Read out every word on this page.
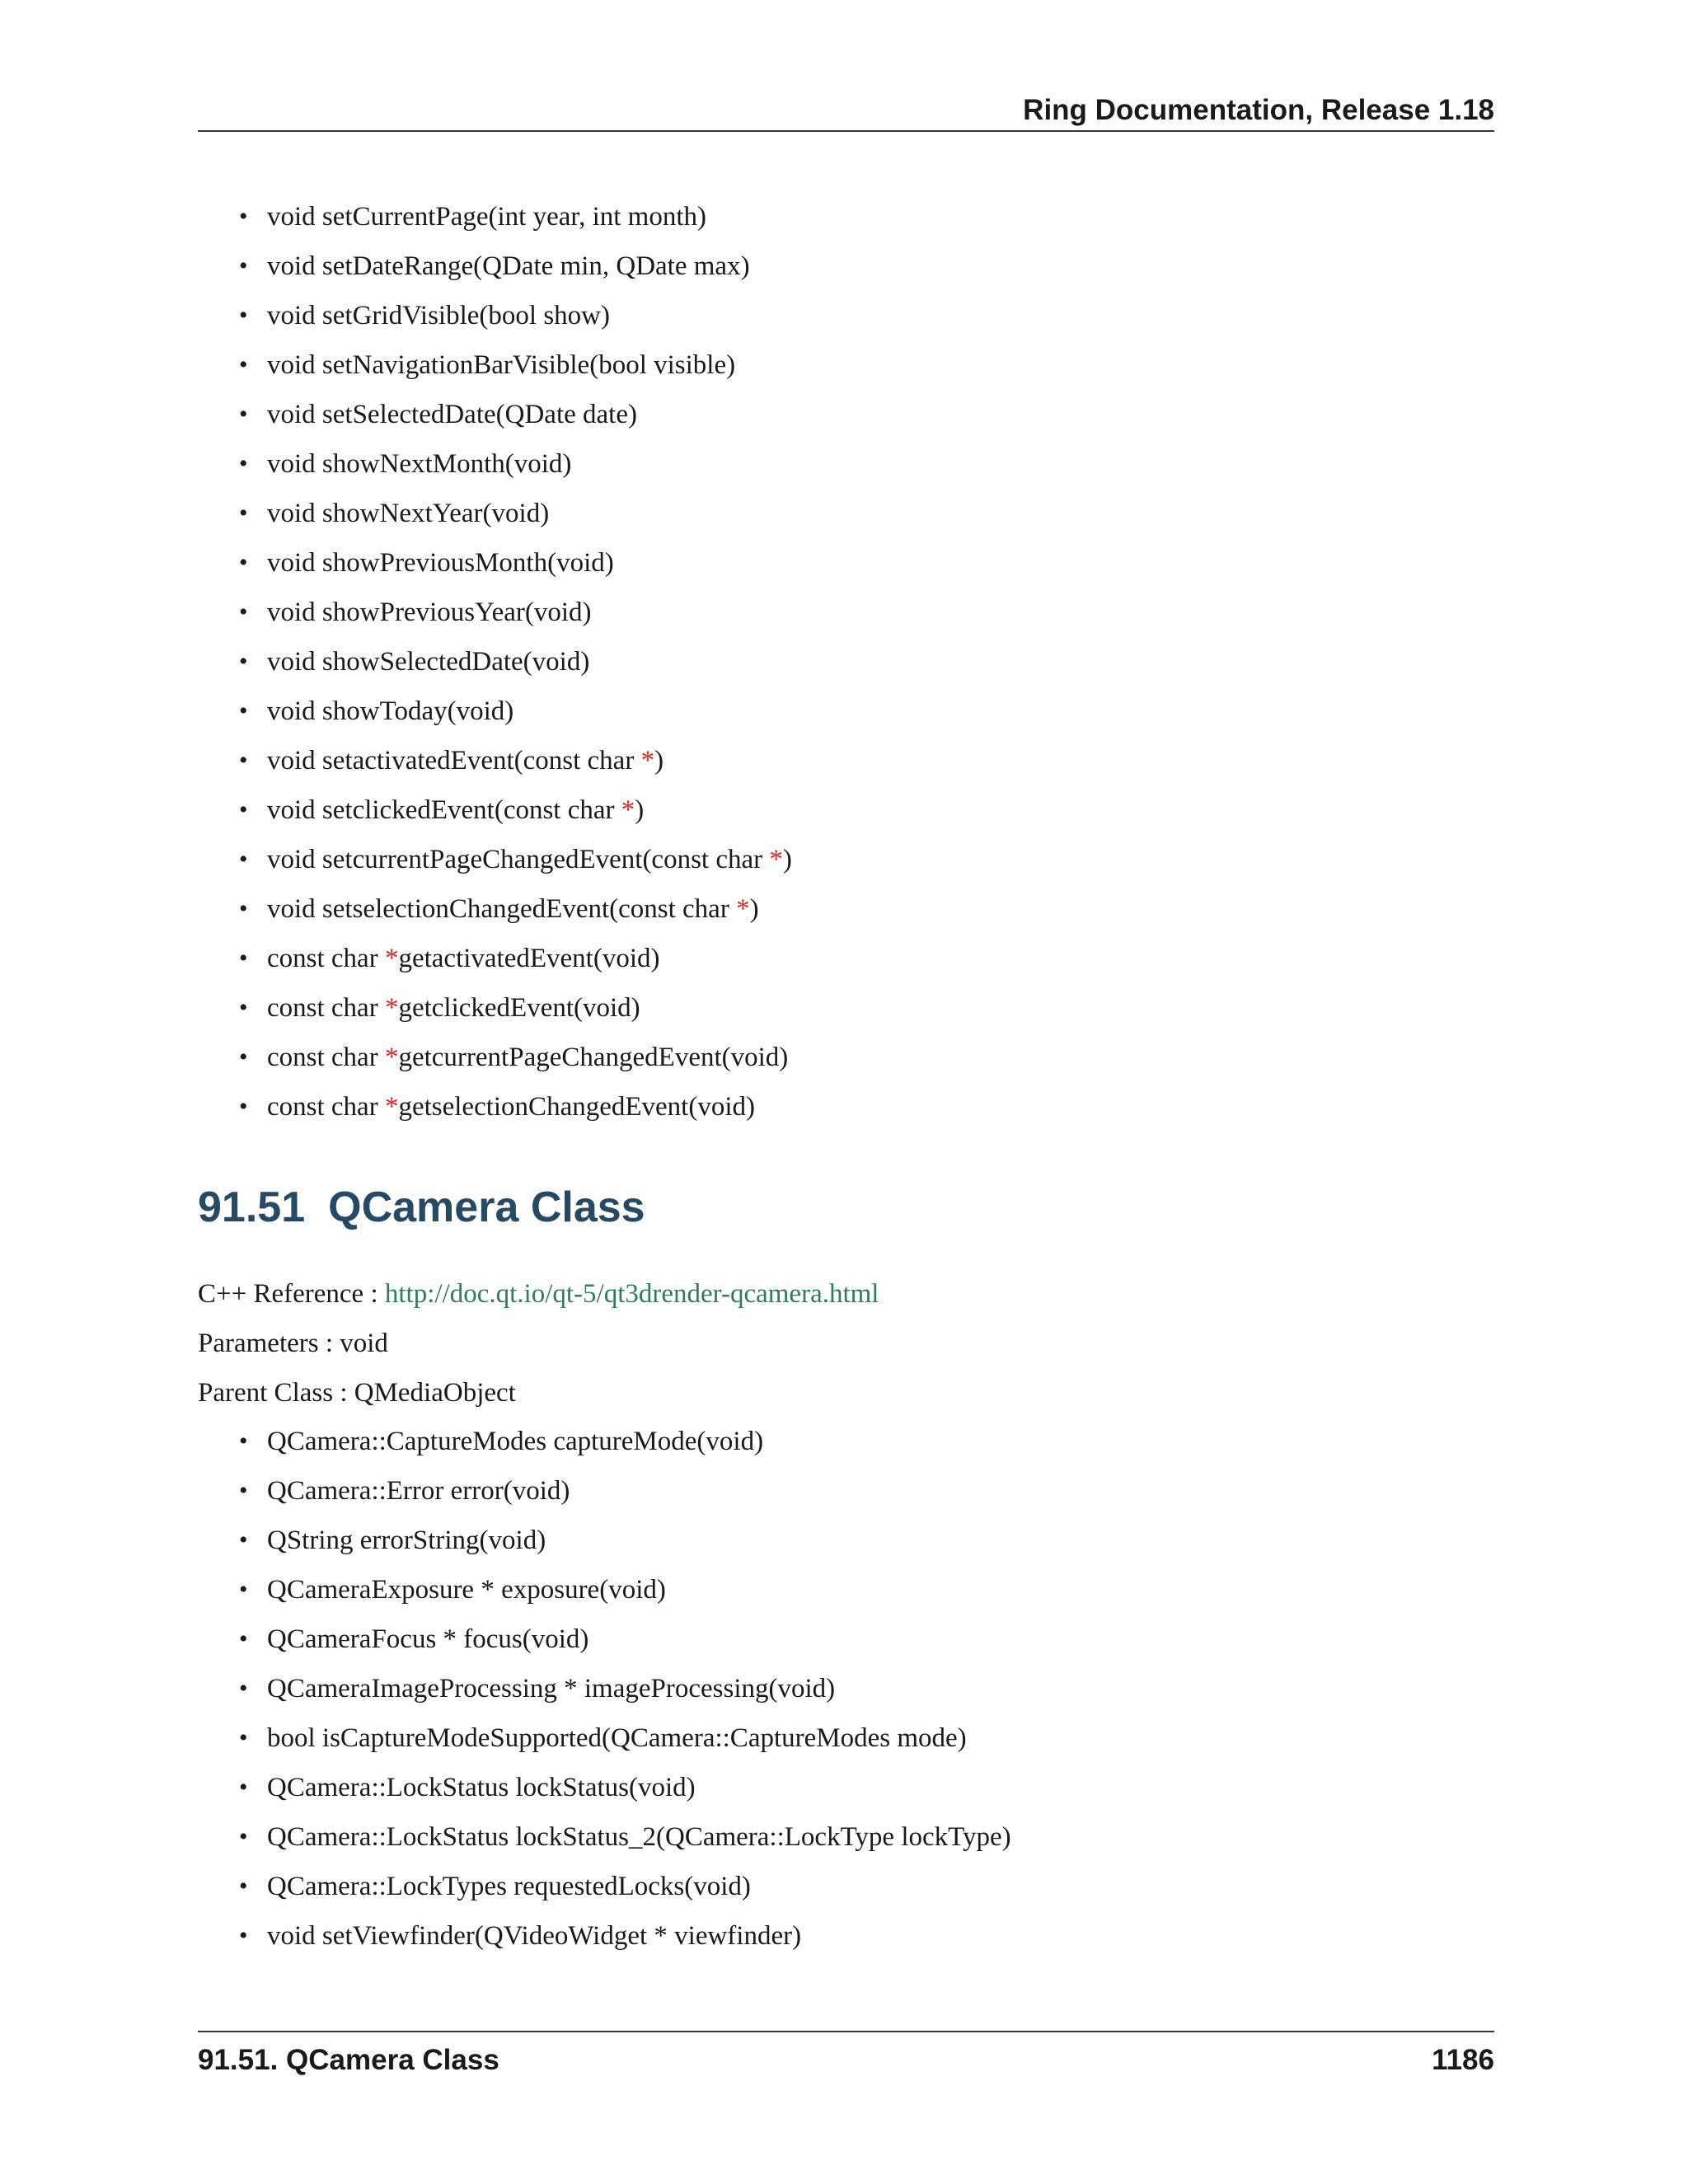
Ring Documentation, Release 1.18
• void setCurrentPage(int year, int month)
• void setDateRange(QDate min, QDate max)
• void setGridVisible(bool show)
• void setNavigationBarVisible(bool visible)
• void setSelectedDate(QDate date)
• void showNextMonth(void)
• void showNextYear(void)
• void showPreviousMonth(void)
• void showPreviousYear(void)
• void showSelectedDate(void)
• void showToday(void)
• void setactivatedEvent(const char *)
• void setclickedEvent(const char *)
• void setcurrentPageChangedEvent(const char *)
• void setselectionChangedEvent(const char *)
• const char *getactivatedEvent(void)
• const char *getclickedEvent(void)
• const char *getcurrentPageChangedEvent(void)
• const char *getselectionChangedEvent(void)
91.51 QCamera Class
C++ Reference : http://doc.qt.io/qt-5/qt3drender-qcamera.html
Parameters : void
Parent Class : QMediaObject
• QCamera::CaptureModes captureMode(void)
• QCamera::Error error(void)
• QString errorString(void)
• QCameraExposure * exposure(void)
• QCameraFocus * focus(void)
• QCameraImageProcessing * imageProcessing(void)
• bool isCaptureModeSupported(QCamera::CaptureModes mode)
• QCamera::LockStatus lockStatus(void)
• QCamera::LockStatus lockStatus_2(QCamera::LockType lockType)
• QCamera::LockTypes requestedLocks(void)
• void setViewfinder(QVideoWidget * viewfinder)
91.51. QCamera Class	1186
